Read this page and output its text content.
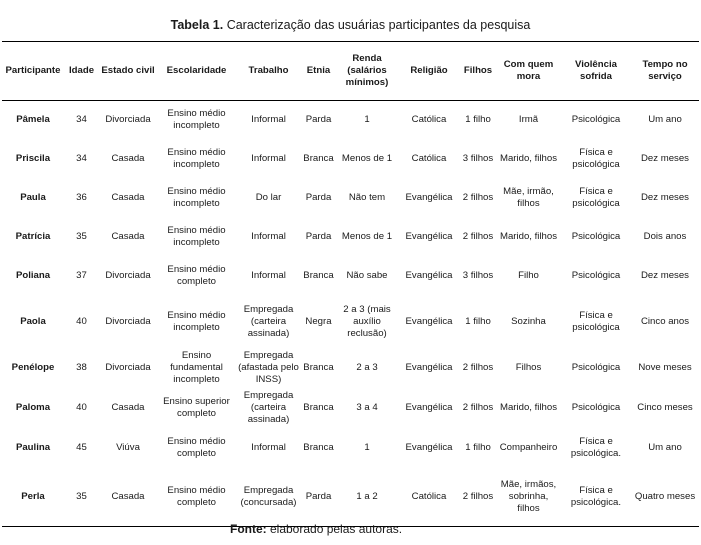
Tabela 1. Caracterização das usuárias participantes da pesquisa
Participante	Idade	Estado civil	Escolaridade	Trabalho	Etnia	Renda (salários mínimos)	Religião	Filhos	Com quem mora	Violência sofrida	Tempo no serviço
Pâmela	34	Divorciada	Ensino médio incompleto	Informal	Parda	1	Católica	1 filho	Irmã	Psicológica	Um ano
Priscila	34	Casada	Ensino médio incompleto	Informal	Branca	Menos de 1	Católica	3 filhos	Marido, filhos	Física e psicológica	Dez meses
Paula	36	Casada	Ensino médio incompleto	Do lar	Parda	Não tem	Evangélica	2 filhos	Mãe, irmão, filhos	Física e psicológica	Dez meses
Patrícia	35	Casada	Ensino médio incompleto	Informal	Parda	Menos de 1	Evangélica	2 filhos	Marido, filhos	Psicológica	Dois anos
Poliana	37	Divorciada	Ensino médio completo	Informal	Branca	Não sabe	Evangélica	3 filhos	Filho	Psicológica	Dez meses
Paola	40	Divorciada	Ensino médio incompleto	Empregada (carteira assinada)	Negra	2 a 3 (mais auxílio reclusão)	Evangélica	1 filho	Sozinha	Física e psicológica	Cinco anos
Penélope	38	Divorciada	Ensino fundamental incompleto	Empregada (afastada pelo INSS)	Branca	2 a 3	Evangélica	2 filhos	Filhos	Psicológica	Nove meses
Paloma	40	Casada	Ensino superior completo	Empregada (carteira assinada)	Branca	3 a 4	Evangélica	2 filhos	Marido, filhos	Psicológica	Cinco meses
Paulina	45	Viúva	Ensino médio completo	Informal	Branca	1	Evangélica	1 filho	Companheiro	Física e psicológica.	Um ano
Perla	35	Casada	Ensino médio completo	Empregada (concursada)	Parda	1 a 2	Católica	2 filhos	Mãe, irmãos, sobrinha, filhos	Física e psicológica.	Quatro meses
Fonte: elaborado pelas autoras.
